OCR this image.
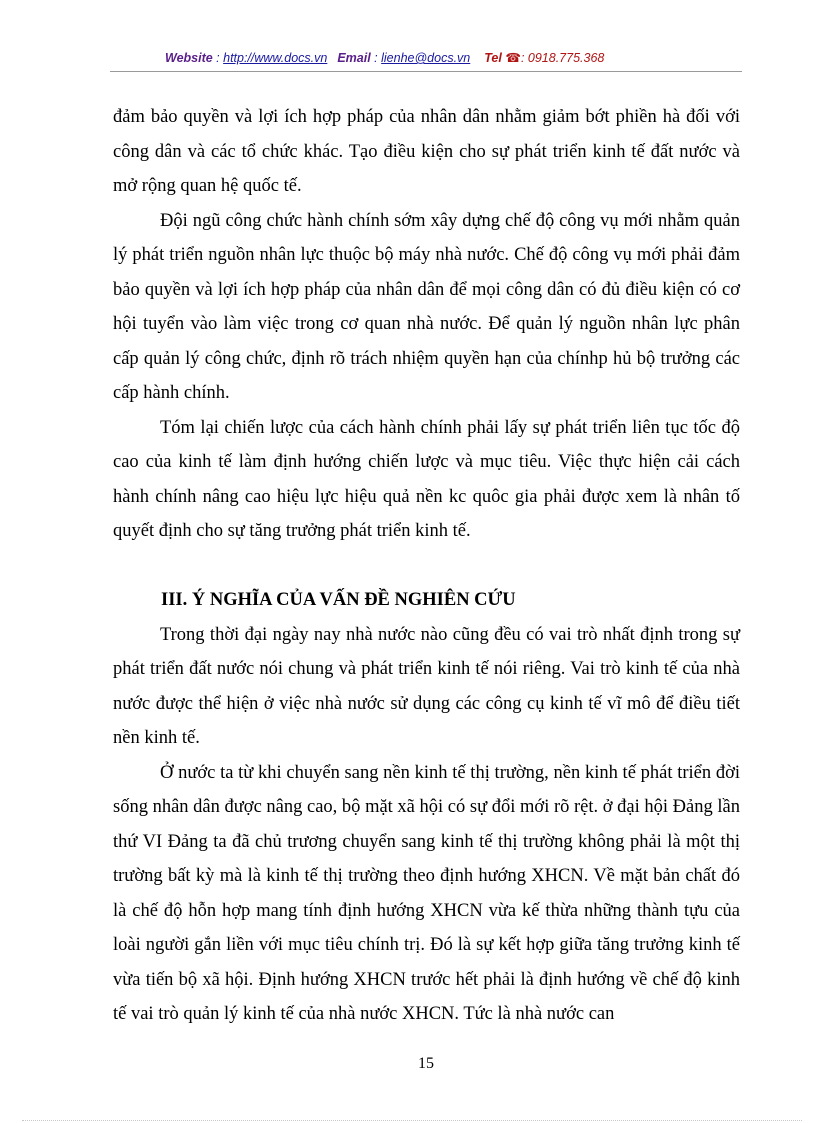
Website : http://www.docs.vn Email : lienhe@docs.vn Tel ☎: 0918.775.368

đảm bảo quyền và lợi ích hợp pháp của nhân dân nhằm giảm bớt phiền hà đối với công dân và các tổ chức khác. Tạo điều kiện cho sự phát triển kinh tế đất nước và mở rộng quan hệ quốc tế.

Đội ngũ công chức hành chính sớm xây dựng chế độ công vụ mới nhằm quản lý phát triển nguồn nhân lực thuộc bộ máy nhà nước. Chế độ công vụ mới phải đảm bảo quyền và lợi ích hợp pháp của nhân dân để mọi công dân có đủ điều kiện có cơ hội tuyển vào làm việc trong cơ quan nhà nước. Để quản lý nguồn nhân lực phân cấp quản lý công chức, định rõ trách nhiệm quyền hạn của chínhp hủ bộ trưởng các cấp hành chính.

Tóm lại chiến lược của cách hành chính phải lấy sự phát triển liên tục tốc độ cao của kinh tế làm định hướng chiến lược và mục tiêu. Việc thực hiện cải cách hành chính nâng cao hiệu lực hiệu quả nền kc quôc gia phải được xem là nhân tố quyết định cho sự tăng trưởng phát triển kinh tế.

III. Ý NGHĨA CỦA VẤN ĐỀ NGHIÊN CỨU

Trong thời đại ngày nay nhà nước nào cũng đều có vai trò nhất định trong sự phát triển đất nước nói chung và phát triển kinh tế nói riêng. Vai trò kinh tế của nhà nước được thể hiện ở việc nhà nước sử dụng các công cụ kinh tế vĩ mô để điều tiết nền kinh tế.

Ở nước ta từ khi chuyển sang nền kinh tế thị trường, nền kinh tế phát triển đời sống nhân dân được nâng cao, bộ mặt xã hội có sự đổi mới rõ rệt. ở đại hội Đảng lần thứ VI Đảng ta đã chủ trương chuyển sang kinh tế thị trường không phải là một thị trường bất kỳ mà là kinh tế thị trường theo định hướng XHCN. Về mặt bản chất đó là chế độ hỗn hợp mang tính định hướng XHCN vừa kế thừa những thành tựu của loài người gắn liền với mục tiêu chính trị. Đó là sự kết hợp giữa tăng trưởng kinh tế vừa tiến bộ xã hội. Định hướng XHCN trước hết phải là định hướng về chế độ kinh tế vai trò quản lý kinh tế của nhà nước XHCN. Tức là nhà nước can

15
